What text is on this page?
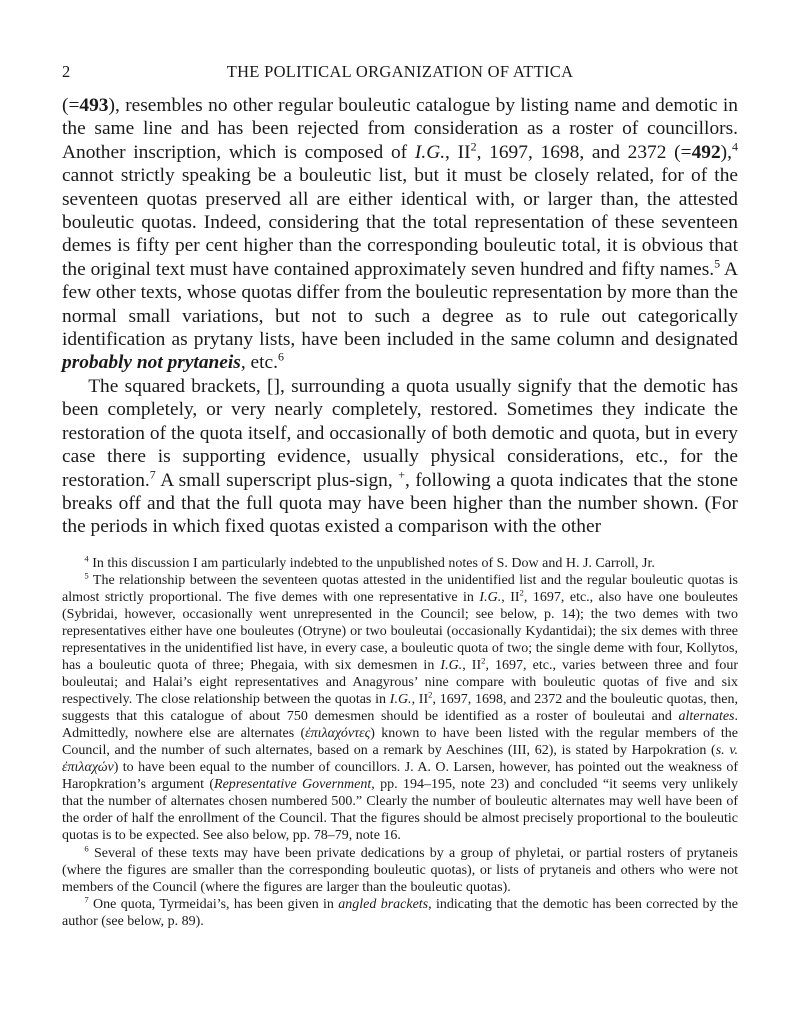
2	THE POLITICAL ORGANIZATION OF ATTICA

(=493), resembles no other regular bouleutic catalogue by listing name and demotic in the same line and has been rejected from consideration as a roster of councillors. Another inscription, which is composed of I.G., $II^2$, 1697, 1698, and 2372 (=492),$^4$ cannot strictly speaking be a bouleutic list, but it must be closely related, for of the seventeen quotas preserved all are either identical with, or larger than, the attested bouleutic quotas. Indeed, considering that the total representation of these seventeen demes is fifty per cent higher than the corresponding bouleutic total, it is obvious that the original text must have contained approximately seven hundred and fifty names.$^5$ A few other texts, whose quotas differ from the bouleutic representation by more than the normal small variations, but not to such a degree as to rule out categorically identification as prytany lists, have been included in the same column and designated probably not prytaneis, etc.$^6$

The squared brackets, [], surrounding a quota usually signify that the demotic has been completely, or very nearly completely, restored. Sometimes they indicate the restoration of the quota itself, and occasionally of both demotic and quota, but in every case there is supporting evidence, usually physical considerations, etc., for the restoration.$^7$ A small superscript plus-sign, +, following a quota indicates that the stone breaks off and that the full quota may have been higher than the number shown. (For the periods in which fixed quotas existed a comparison with the other

$^4$ In this discussion I am particularly indebted to the unpublished notes of S. Dow and H. J. Carroll, Jr.

$^5$ The relationship between the seventeen quotas attested in the unidentified list and the regular bouleutic quotas is almost strictly proportional. The five demes with one representative in I.G., $II^2$, 1697, etc., also have one bouleutes (Sybridai, however, occasionally went unrepresented in the Council; see below, p. 14); the two demes with two representatives either have one bouleutes (Otryne) or two bouleutai (occasionally Kydantidai); the six demes with three representatives in the unidentified list have, in every case, a bouleutic quota of two; the single deme with four, Kollytos, has a bouleutic quota of three; Phegaia, with six demesmen in I.G., $II^2$, 1697, etc., varies between three and four bouleutai; and Halai’s eight representatives and Anagyrous’ nine compare with bouleutic quotas of five and six respectively. The close relationship between the quotas in I.G., $II^2$, 1697, 1698, and 2372 and the bouleutic quotas, then, suggests that this catalogue of about 750 demesmen should be identified as a roster of bouleutai and alternates. Admittedly, nowhere else are alternates (ἐπιλαχόντες) known to have been listed with the regular members of the Council, and the number of such alternates, based on a remark by Aeschines (III, 62), is stated by Harpokration (s. v. ἐπιλαχών) to have been equal to the number of councillors. J. A. O. Larsen, however, has pointed out the weakness of Haropkration’s argument (Representative Government, pp. 194–195, note 23) and concluded “it seems very unlikely that the number of alternates chosen numbered 500.” Clearly the number of bouleutic alternates may well have been of the order of half the enrollment of the Council. That the figures should be almost precisely proportional to the bouleutic quotas is to be expected. See also below, pp. 78–79, note 16.

$^6$ Several of these texts may have been private dedications by a group of phyletai, or partial rosters of prytaneis (where the figures are smaller than the corresponding bouleutic quotas), or lists of prytaneis and others who were not members of the Council (where the figures are larger than the bouleutic quotas).

$^7$ One quota, Tyrmeidai’s, has been given in angled brackets, indicating that the demotic has been corrected by the author (see below, p. 89).
